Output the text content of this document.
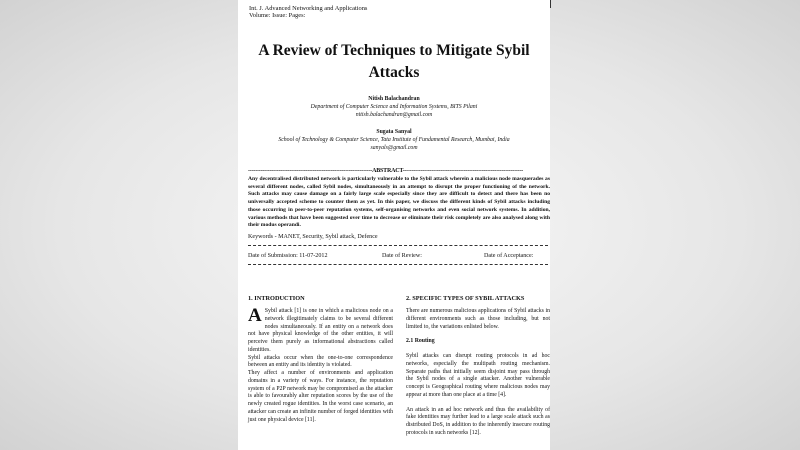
Int. J. Advanced Networking and Applications
Volume: Issue: Pages:
A Review of Techniques to Mitigate Sybil
Attacks
Nitish Balachandran
Department of Computer Science and Information Systems, BITS Pilani
nitish.balachandran@gmail.com
Sugata Sanyal
School of Technology & Computer Science, Tata Institute of Fundamental Research, Mumbai, India
sanyals@gmail.com
---------------------------------------------------------------------ABSTRACT-------------------------------------------------------------------
Any decentralised distributed network is particularly vulnerable to the Sybil attack wherein a malicious node masquerades as several different nodes, called Sybil nodes, simultaneously in an attempt to disrupt the proper functioning of the network. Such attacks may cause damage on a fairly large scale especially since they are difficult to detect and there has been no universally accepted scheme to counter them as yet. In this paper, we discuss the different kinds of Sybil attacks including those occurring in peer-to-peer reputation systems, self-organising networks and even social network systems. In addition, various methods that have been suggested over time to decrease or eliminate their risk completely are also analysed along with their modus operandi.
Keywords - MANET, Security, Sybil attack, Defence
Date of Submission: 11-07-2012	Date of Review:	Date of Acceptance:
1. INTRODUCTION

A Sybil attack [1] is one in which a malicious node on a network illegitimately claims to be several different nodes simultaneously. If an entity on a network does not have physical knowledge of the other entities, it will perceive them purely as informational abstractions called identities.

Sybil attacks occur when the one-to-one correspondence between an entity and its identity is violated.

They affect a number of environments and application domains in a variety of ways. For instance, the reputation system of a P2P network may be compromised as the attacker is able to favourably alter reputation scores by the use of the newly created rogue identities. In the worst case scenario, an attacker can create an infinite number of forged identities with just one physical device [11].

2. SPECIFIC TYPES OF SYBIL ATTACKS

There are numerous malicious applications of Sybil attacks in different environments such as those including, but not limited to, the variations enlisted below.

2.1 Routing

Sybil attacks can disrupt routing protocols in ad hoc networks, especially the multipath routing mechanism. Separate paths that initially seem disjoint may pass through the Sybil nodes of a single attacker. Another vulnerable concept is Geographical routing where malicious nodes may appear at more than one place at a time [4].

An attack in an ad hoc network and thus the availability of fake identities may further lead to a large scale attack such as distributed DoS, in addition to the inherently insecure routing protocols in such networks [12].
